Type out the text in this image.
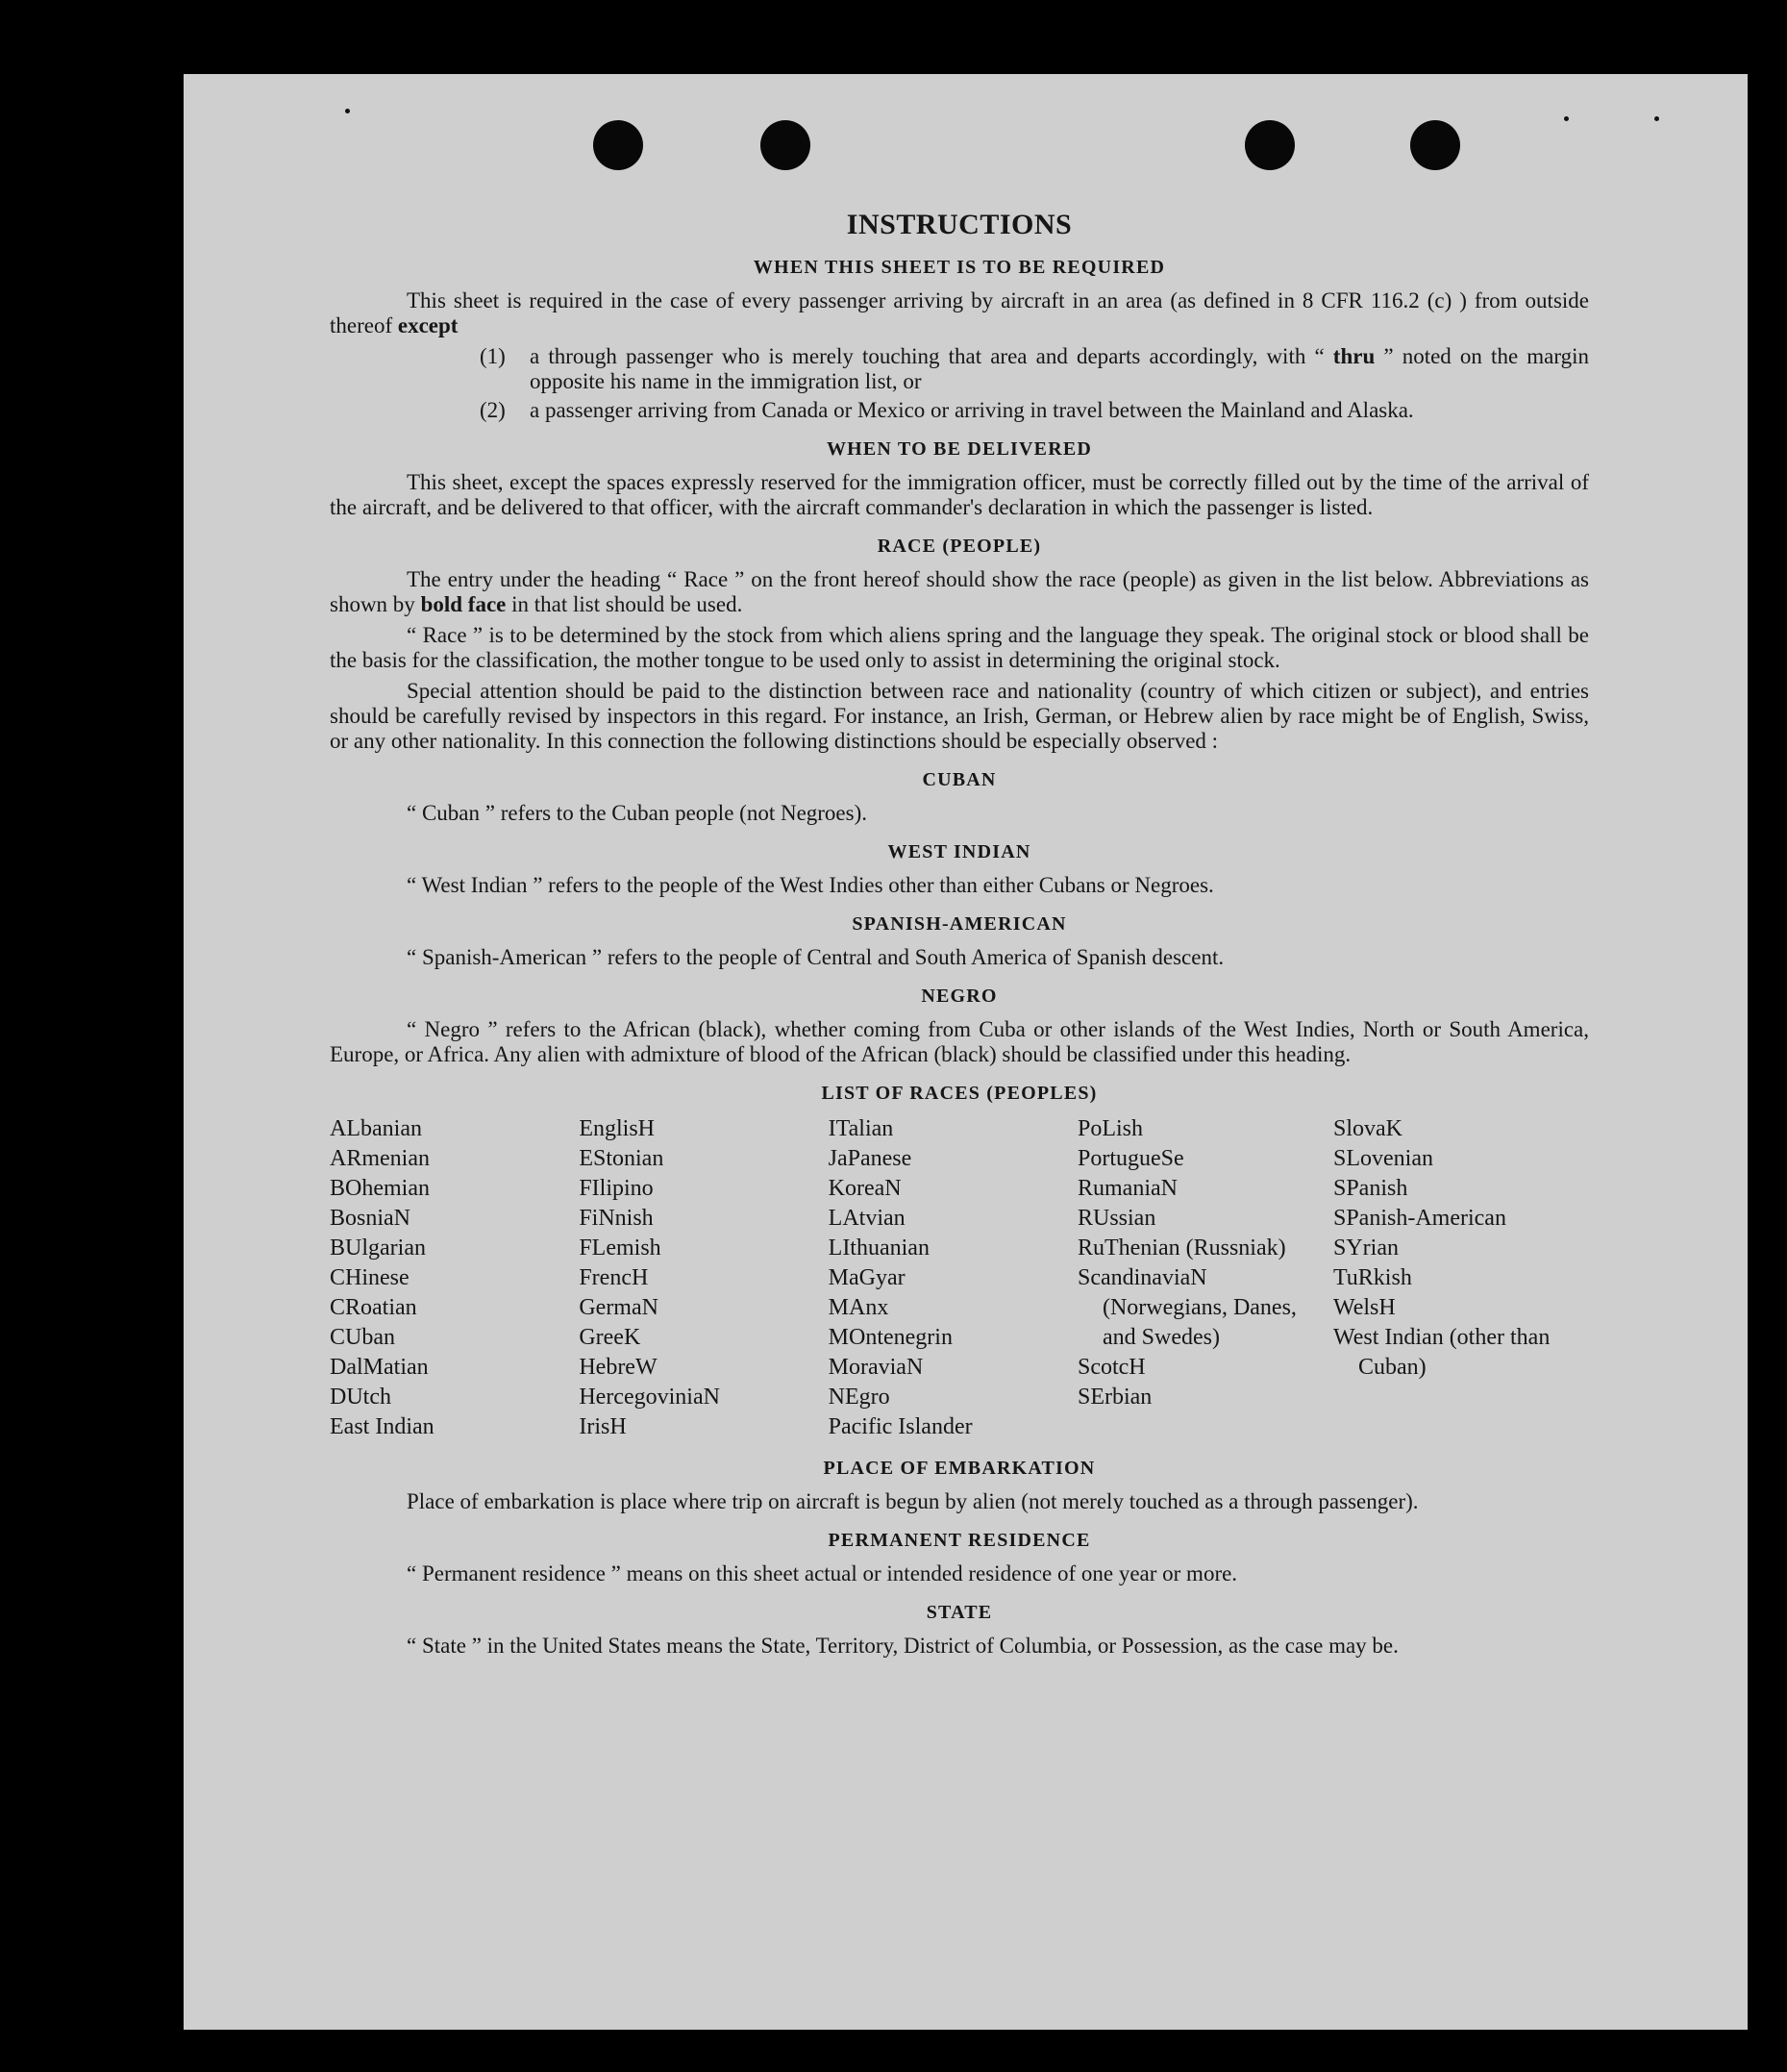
INSTRUCTIONS
WHEN THIS SHEET IS TO BE REQUIRED

This sheet is required in the case of every passenger arriving by aircraft in an area (as defined in 8 CFR 116.2 (c) ) from outside thereof except

(1)	a through passenger who is merely touching that area and departs accordingly, with “ thru ” noted on the margin opposite his name in the immigration list, or
(2)	a passenger arriving from Canada or Mexico or arriving in travel between the Mainland and Alaska.
WHEN TO BE DELIVERED

This sheet, except the spaces expressly reserved for the immigration officer, must be correctly filled out by the time of the arrival of the aircraft, and be delivered to that officer, with the aircraft commander's declaration in which the passenger is listed.

RACE (PEOPLE)

The entry under the heading “ Race ” on the front hereof should show the race (people) as given in the list below. Abbreviations as shown by bold face in that list should be used.

“ Race ” is to be determined by the stock from which aliens spring and the language they speak. The original stock or blood shall be the basis for the classification, the mother tongue to be used only to assist in determining the original stock.

Special attention should be paid to the distinction between race and nationality (country of which citizen or subject), and entries should be carefully revised by inspectors in this regard. For instance, an Irish, German, or Hebrew alien by race might be of English, Swiss, or any other nationality. In this connection the following distinctions should be especially observed :

CUBAN

“ Cuban ” refers to the Cuban people (not Negroes).

WEST INDIAN

“ West Indian ” refers to the people of the West Indies other than either Cubans or Negroes.

SPANISH-AMERICAN

“ Spanish-American ” refers to the people of Central and South America of Spanish descent.

NEGRO

“ Negro ” refers to the African (black), whether coming from Cuba or other islands of the West Indies, North or South America, Europe, or Africa. Any alien with admixture of blood of the African (black) should be classified under this heading.

LIST OF RACES (PEOPLES)
ALbanian
ARmenian
BOhemian
BosniaN
BUlgarian
CHinese
CRoatian
CUban
DalMatian
DUtch
East Indian
EnglisH
EStonian
FIlipino
FiNnish
FLemish
FrencH
GermaN
GreeK
HebreW
HercegoviniaN
IrisH
ITalian
JaPanese
KoreaN
LAtvian
LIthuanian
MaGyar
MAnx
MOntenegrin
MoraviaN
NEgro
Pacific Islander
PoLish
PortugueSe
RumaniaN
RUssian
RuThenian (Russniak)
ScandinaviaN (Norwegians, Danes, and Swedes)
ScotcH
SErbian
SlovaK
SLovenian
SPanish
SPanish-American
SYrian
TuRkish
WelsH
West Indian (other than Cuban)
PLACE OF EMBARKATION

Place of embarkation is place where trip on aircraft is begun by alien (not merely touched as a through passenger).

PERMANENT RESIDENCE

“ Permanent residence ” means on this sheet actual or intended residence of one year or more.

STATE

“ State ” in the United States means the State, Territory, District of Columbia, or Possession, as the case may be.
